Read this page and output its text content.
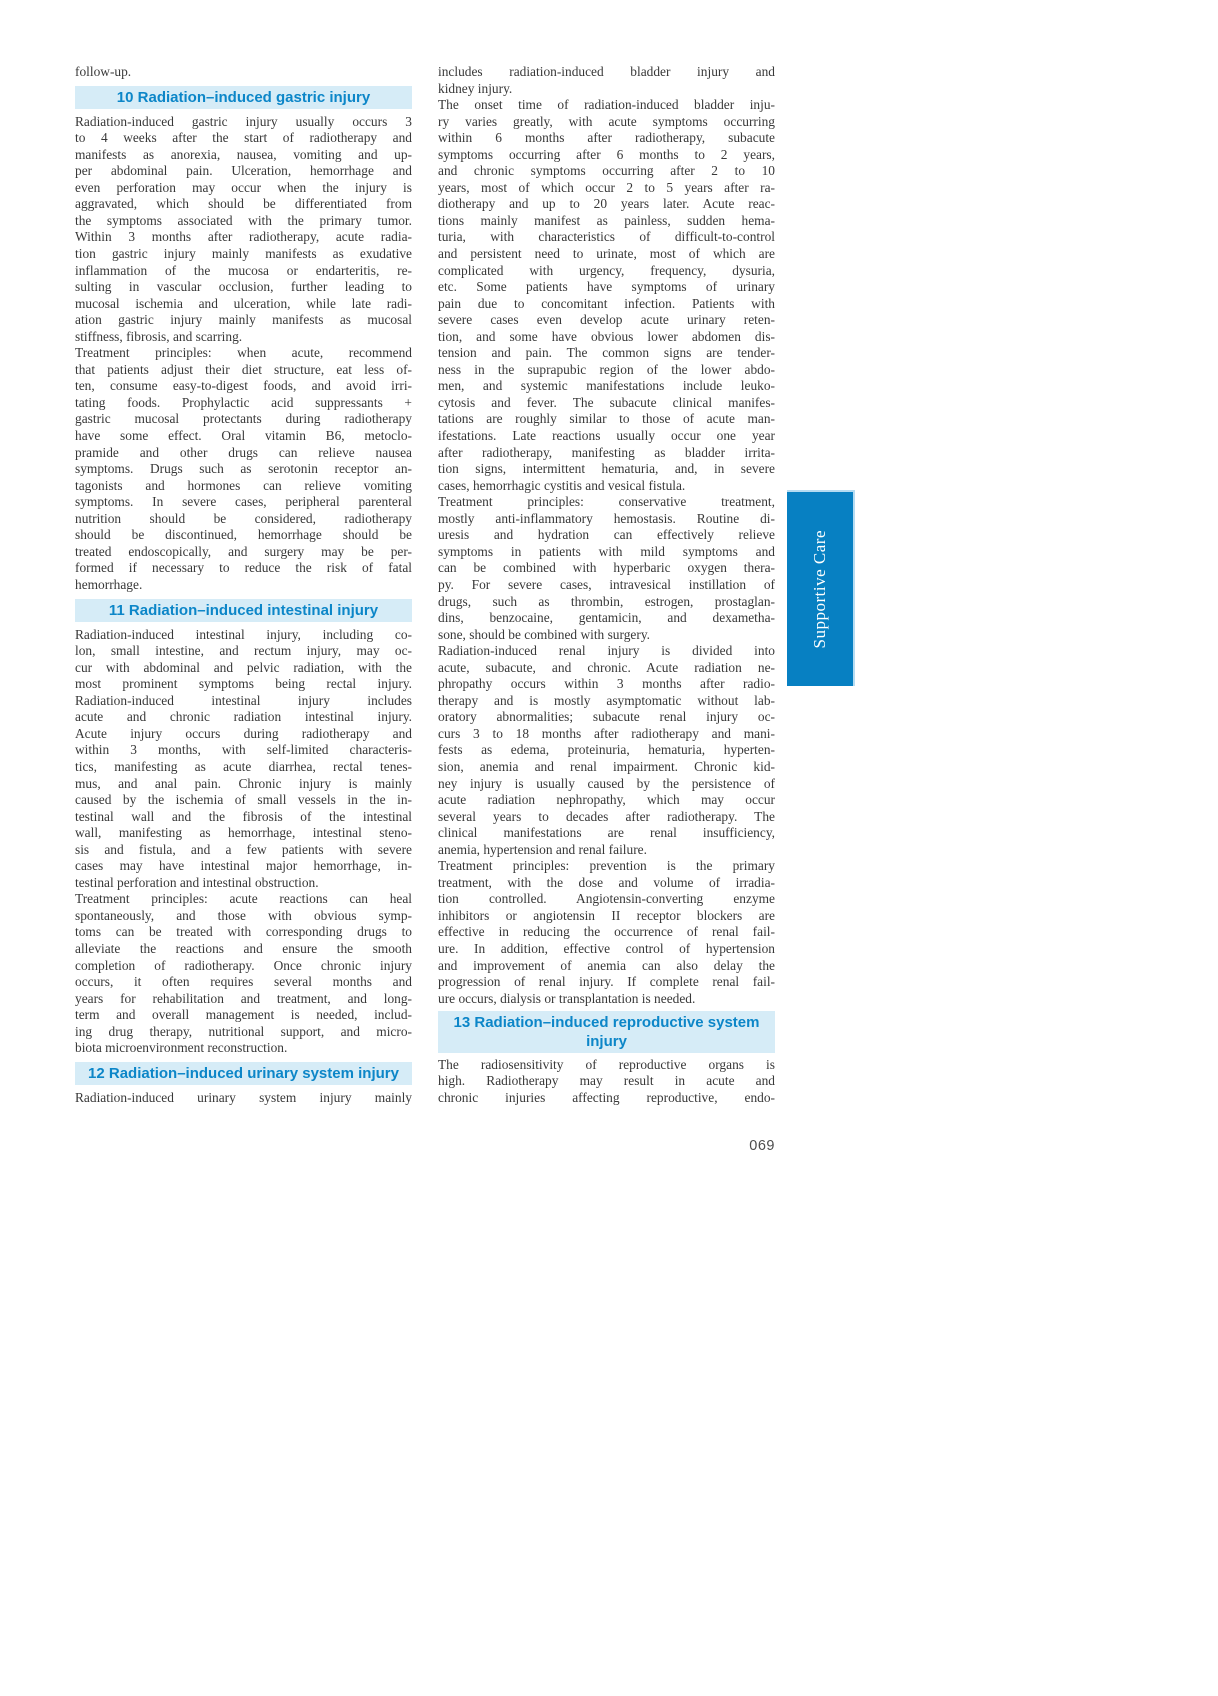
follow-up.
10 Radiation–induced gastric injury
Radiation-induced gastric injury usually occurs 3
to 4 weeks after the start of radiotherapy and
manifests as anorexia, nausea, vomiting and up-
per abdominal pain. Ulceration, hemorrhage and
even perforation may occur when the injury is
aggravated, which should be differentiated from
the symptoms associated with the primary tumor.
Within 3 months after radiotherapy, acute radia-
tion gastric injury mainly manifests as exudative
inflammation of the mucosa or endarteritis, re-
sulting in vascular occlusion, further leading to
mucosal ischemia and ulceration, while late radi-
ation gastric injury mainly manifests as mucosal
stiffness, fibrosis, and scarring.
Treatment principles: when acute, recommend
that patients adjust their diet structure, eat less of-
ten, consume easy-to-digest foods, and avoid irri-
tating foods. Prophylactic acid suppressants +
gastric mucosal protectants during radiotherapy
have some effect. Oral vitamin B6, metoclo-
pramide and other drugs can relieve nausea
symptoms. Drugs such as serotonin receptor an-
tagonists and hormones can relieve vomiting
symptoms. In severe cases, peripheral parenteral
nutrition should be considered, radiotherapy
should be discontinued, hemorrhage should be
treated endoscopically, and surgery may be per-
formed if necessary to reduce the risk of fatal
hemorrhage.
11 Radiation–induced intestinal injury
Radiation-induced intestinal injury, including co-
lon, small intestine, and rectum injury, may oc-
cur with abdominal and pelvic radiation, with the
most prominent symptoms being rectal injury.
Radiation-induced intestinal injury includes
acute and chronic radiation intestinal injury.
Acute injury occurs during radiotherapy and
within 3 months, with self-limited characteris-
tics, manifesting as acute diarrhea, rectal tenes-
mus, and anal pain. Chronic injury is mainly
caused by the ischemia of small vessels in the in-
testinal wall and the fibrosis of the intestinal
wall, manifesting as hemorrhage, intestinal steno-
sis and fistula, and a few patients with severe
cases may have intestinal major hemorrhage, in-
testinal perforation and intestinal obstruction.
Treatment principles: acute reactions can heal
spontaneously, and those with obvious symp-
toms can be treated with corresponding drugs to
alleviate the reactions and ensure the smooth
completion of radiotherapy. Once chronic injury
occurs, it often requires several months and
years for rehabilitation and treatment, and long-
term and overall management is needed, includ-
ing drug therapy, nutritional support, and micro-
biota microenvironment reconstruction.
12 Radiation–induced urinary system injury
Radiation-induced urinary system injury mainly
includes radiation-induced bladder injury and
kidney injury.
The onset time of radiation-induced bladder inju-
ry varies greatly, with acute symptoms occurring
within 6 months after radiotherapy, subacute
symptoms occurring after 6 months to 2 years,
and chronic symptoms occurring after 2 to 10
years, most of which occur 2 to 5 years after ra-
diotherapy and up to 20 years later. Acute reac-
tions mainly manifest as painless, sudden hema-
turia, with characteristics of difficult-to-control
and persistent need to urinate, most of which are
complicated with urgency, frequency, dysuria,
etc. Some patients have symptoms of urinary
pain due to concomitant infection. Patients with
severe cases even develop acute urinary reten-
tion, and some have obvious lower abdomen dis-
tension and pain. The common signs are tender-
ness in the suprapubic region of the lower abdo-
men, and systemic manifestations include leuko-
cytosis and fever. The subacute clinical manifes-
tations are roughly similar to those of acute man-
ifestations. Late reactions usually occur one year
after radiotherapy, manifesting as bladder irrita-
tion signs, intermittent hematuria, and, in severe
cases, hemorrhagic cystitis and vesical fistula.
Treatment principles: conservative treatment,
mostly anti-inflammatory hemostasis. Routine di-
uresis and hydration can effectively relieve
symptoms in patients with mild symptoms and
can be combined with hyperbaric oxygen thera-
py. For severe cases, intravesical instillation of
drugs, such as thrombin, estrogen, prostaglan-
dins, benzocaine, gentamicin, and dexametha-
sone, should be combined with surgery.
Radiation-induced renal injury is divided into
acute, subacute, and chronic. Acute radiation ne-
phropathy occurs within 3 months after radio-
therapy and is mostly asymptomatic without lab-
oratory abnormalities; subacute renal injury oc-
curs 3 to 18 months after radiotherapy and mani-
fests as edema, proteinuria, hematuria, hyperten-
sion, anemia and renal impairment. Chronic kid-
ney injury is usually caused by the persistence of
acute radiation nephropathy, which may occur
several years to decades after radiotherapy. The
clinical manifestations are renal insufficiency,
anemia, hypertension and renal failure.
Treatment principles: prevention is the primary
treatment, with the dose and volume of irradia-
tion controlled. Angiotensin-converting enzyme
inhibitors or angiotensin II receptor blockers are
effective in reducing the occurrence of renal fail-
ure. In addition, effective control of hypertension
and improvement of anemia can also delay the
progression of renal injury. If complete renal fail-
ure occurs, dialysis or transplantation is needed.
13 Radiation–induced reproductive system injury
The radiosensitivity of reproductive organs is
high. Radiotherapy may result in acute and
chronic injuries affecting reproductive, endo-
Supportive Care
069
